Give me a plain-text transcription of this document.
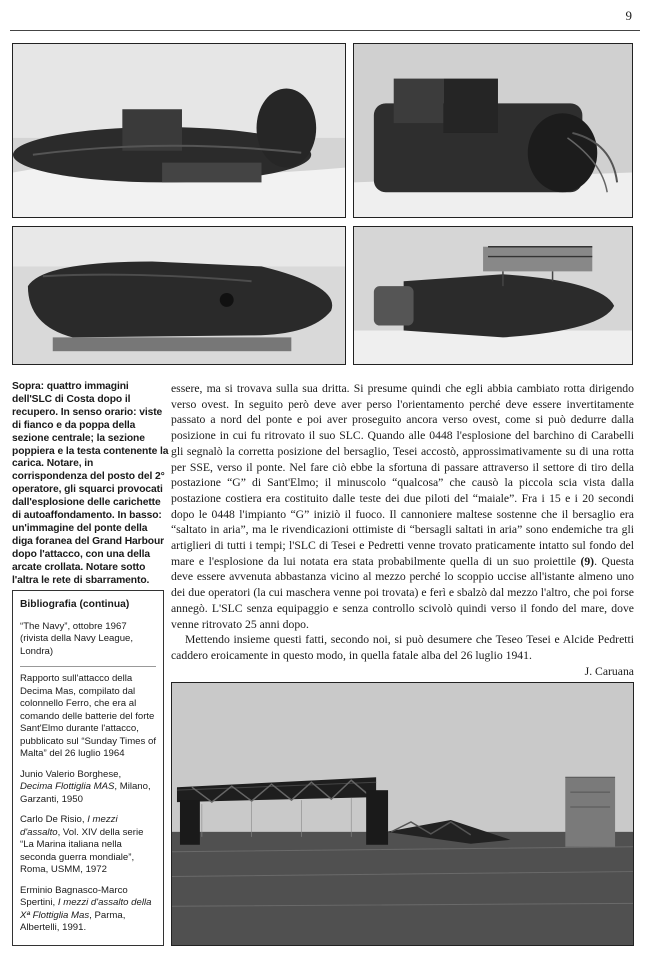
9
Sopra: quattro immagini dell'SLC di Costa dopo il recupero. In senso orario: viste di fianco e da poppa della sezione centrale; la sezione poppiera e la testa contenente la carica. Notare, in corrispondenza del posto del 2° operatore, gli squarci provocati dall'esplosione delle carichette di autoaffondamento. In basso: un'immagine del ponte della diga foranea del Grand Harbour dopo l'attacco, con una della arcate crollata. Notare sotto l'altra le rete di sbarramento.
Bibliografia (continua)

“The Navy”, ottobre 1967 (rivista della Navy League, Londra)

Rapporto sull'attacco della Decima Mas, compilato dal colonnello Ferro, che era al comando delle batterie del forte Sant'Elmo durante l'attacco, pubblicato sul “Sunday Times of Malta” del 26 luglio 1964

Junio Valerio Borghese, Decima Flottiglia MAS, Milano, Garzanti, 1950

Carlo De Risio, I mezzi d'assalto, Vol. XIV della serie “La Marina italiana nella seconda guerra mondiale”, Roma, USMM, 1972

Erminio Bagnasco-Marco Spertini, I mezzi d'assalto della Xª Flottiglia Mas, Parma, Albertelli, 1991.

essere, ma si trovava sulla sua dritta. Si presume quindi che egli abbia cambiato rotta dirigendo verso ovest. In seguito però deve aver perso l'orientamento perché deve essere invertitamente passato a nord del ponte e poi aver proseguito ancora verso ovest, come si può dedurre dalla posizione in cui fu ritrovato il suo SLC. Quando alle 0448 l'esplosione del barchino di Carabelli gli segnalò la corretta posizione del bersaglio, Tesei accostò, approssimativamente su di una rotta per SSE, verso il ponte. Nel fare ciò ebbe la sfortuna di passare attraverso il settore di tiro della postazione “G” di Sant'Elmo; il minuscolo “qualcosa” che causò la piccola scia vista dalla postazione costiera era costituito dalle teste dei due piloti del “maiale”. Fra i 15 e i 20 secondi dopo le 0448 l'impianto “G” iniziò il fuoco. Il cannoniere maltese sostenne che il bersaglio era “saltato in aria”, ma le rivendicazioni ottimiste di “bersagli saltati in aria” sono endemiche tra gli artiglieri di tutti i tempi; l'SLC di Tesei e Pedretti venne trovato praticamente intatto sul fondo del mare e l'esplosione da lui notata era stata probabilmente quella di un suo proiettile (9). Questa deve essere avvenuta abbastanza vicino al mezzo perché lo scoppio uccise all'istante almeno uno dei due operatori (la cui maschera venne poi trovata) e ferì e sbalzò dal mezzo l'altro, che poi forse annegò. L'SLC senza equipaggio e senza controllo scivolò quindi verso il fondo del mare, dove venne ritrovato 25 anni dopo.

Mettendo insieme questi fatti, secondo noi, si può desumere che Teseo Tesei e Alcide Pedretti caddero eroicamente in questo modo, in quella fatale alba del 26 luglio 1941.

J. Caruana
